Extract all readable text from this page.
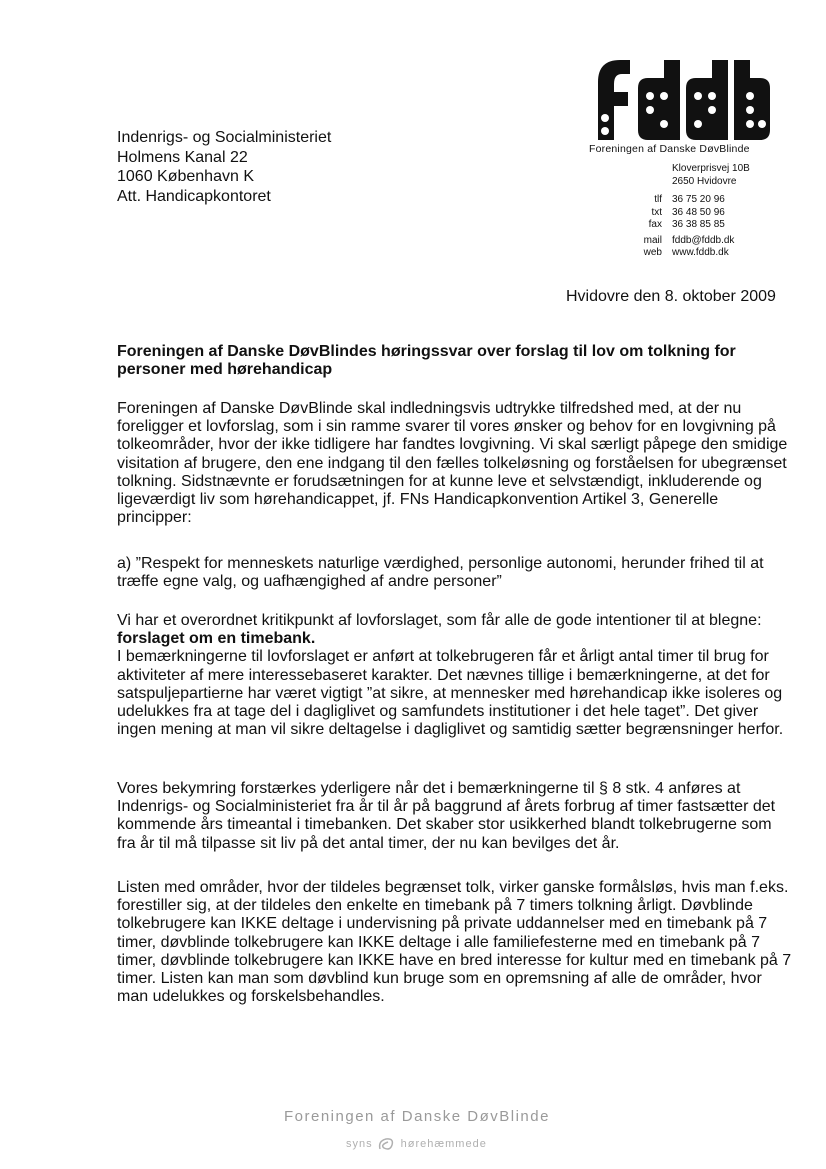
Indenrigs- og Socialministeriet
Holmens Kanal 22
1060 København K
Att. Handicapkontoret
Foreningen af Danske DøvBlinde
Kloverprisvej 10B
2650 Hvidovre
tlf	36 75 20 96
txt	36 48 50 96
fax	36 38 85 85
mail	fddb@fddb.dk
web	www.fddb.dk
Hvidovre den 8. oktober 2009
Foreningen af Danske DøvBlindes høringssvar over forslag til lov om tolkning for personer med hørehandicap

Foreningen af Danske DøvBlinde skal indledningsvis udtrykke tilfredshed med, at der nu foreligger et lovforslag, som i sin ramme svarer til vores ønsker og behov for en lovgivning på tolkeområder, hvor der ikke tidligere har fandtes lovgivning. Vi skal særligt påpege den smidige visitation af brugere, den ene indgang til den fælles tolkeløsning og forståelsen for ubegrænset tolkning. Sidstnævnte er forudsætningen for at kunne leve et selvstændigt, inkluderende og ligeværdigt liv som hørehandicappet, jf. FNs Handicapkonvention Artikel 3, Generelle principper:

a) ”Respekt for menneskets naturlige værdighed, personlige autonomi, herunder frihed til at træffe egne valg, og uafhængighed af andre personer”

Vi har et overordnet kritikpunkt af lovforslaget, som får alle de gode intentioner til at blegne: forslaget om en timebank.

I bemærkningerne til lovforslaget er anført at tolkebrugeren får et årligt antal timer til brug for aktiviteter af mere interessebaseret karakter. Det nævnes tillige i bemærkningerne, at det for satspuljepartierne har været vigtigt ”at sikre, at mennesker med hørehandicap ikke isoleres og udelukkes fra at tage del i dagliglivet og samfundets institutioner i det hele taget”. Det giver ingen mening at man vil sikre deltagelse i dagliglivet og samtidig sætter begrænsninger herfor.

Vores bekymring forstærkes yderligere når det i bemærkningerne til § 8 stk. 4 anføres at Indenrigs- og Socialministeriet fra år til år på baggrund af årets forbrug af timer fastsætter det kommende års timeantal i timebanken. Det skaber stor usikkerhed blandt tolkebrugerne som fra år til må tilpasse sit liv på det antal timer, der nu kan bevilges det år.

Listen med områder, hvor der tildeles begrænset tolk, virker ganske formålsløs, hvis man f.eks. forestiller sig, at der tildeles den enkelte en timebank på 7 timers tolkning årligt. Døvblinde tolkebrugere kan IKKE deltage i undervisning på private uddannelser med en timebank på 7 timer, døvblinde tolkebrugere kan IKKE deltage i alle familiefesterne med en timebank på 7 timer, døvblinde tolkebrugere kan IKKE have en bred interesse for kultur med en timebank på 7 timer. Listen kan man som døvblind kun bruge som en opremsning af alle de områder, hvor man udelukkes og forskelsbehandles.

Foreningen af Danske DøvBlinde
syns	hørehæmmede
